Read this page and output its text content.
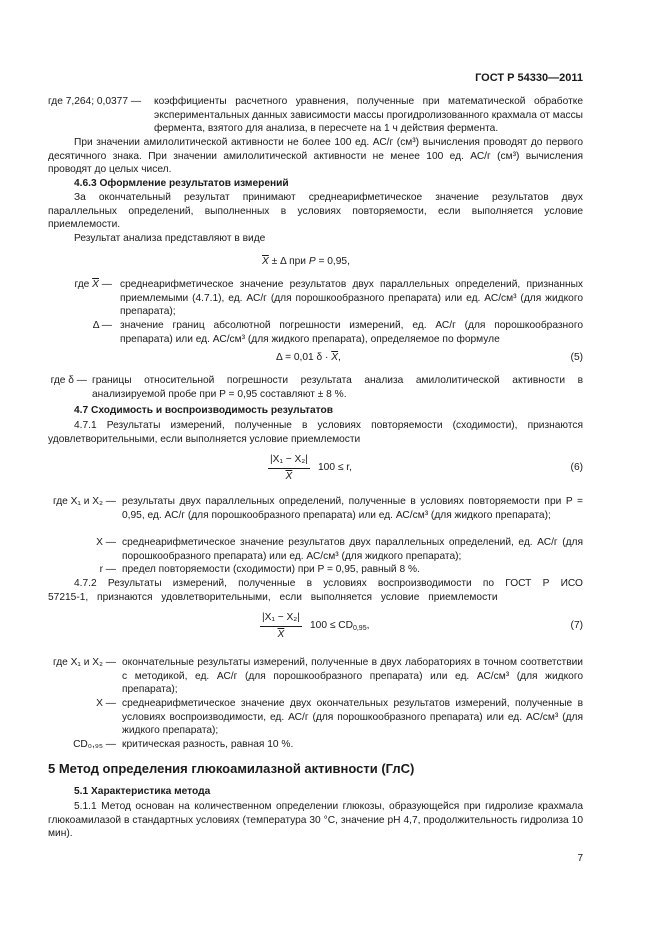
ГОСТ Р 54330—2011
где 7,264; 0,0377 — коэффициенты расчетного уравнения, полученные при математической обработке экспериментальных данных зависимости массы прогидролизованного крахмала от массы фермента, взятого для анализа, в пересчете на 1 ч действия фермента.
При значении амилолитической активности не более 100 ед. АС/г (см³) вычисления проводят до первого десятичного знака. При значении амилолитической активности не менее 100 ед. АС/г (см³) вычисления проводят до целых чисел.
4.6.3 Оформление результатов измерений
За окончательный результат принимают среднеарифметическое значение результатов двух параллельных определений, выполненных в условиях повторяемости, если выполняется условие приемлемости.
Результат анализа представляют в виде
$\overline{X} \pm \Delta$ при P = 0,95,
где $\overline{X}$ — среднеарифметическое значение результатов двух параллельных определений, признанных приемлемыми (4.7.1), ед. АС/г (для порошкообразного препарата) или ед. АС/см³ (для жидкого препарата);
Δ — значение границ абсолютной погрешности измерений, ед. АС/г (для порошкообразного препарата) или ед. АС/см³ (для жидкого препарата), определяемое по формуле
Δ = 0,01 $\delta \cdot \overline{X}$,	(5)
где δ — границы относительной погрешности результата анализа амилолитической активности в анализируемой пробе при P = 0,95 составляют ± 8 %.
4.7 Сходимость и воспроизводимость результатов
4.7.1 Результаты измерений, полученные в условиях повторяемости (сходимости), признаются удовлетворительными, если выполняется условие приемлемости
$\frac{\text{|X₁ − X₂|}}{X} 100 \le r$,	(6)
где X₁ и X₂ — результаты двух параллельных определений, полученные в условиях повторяемости при P = 0,95, ед. АС/г (для порошкообразного препарата) или ед. АС/см³ (для жидкого препарата);
X — среднеарифметическое значение результатов двух параллельных определений, ед. АС/г (для порошкообразного препарата) или ед. АС/см³ (для жидкого препарата);
r — предел повторяемости (сходимости) при P = 0,95, равный 8 %.
4.7.2 Результаты измерений, полученные в условиях воспроизводимости по ГОСТ Р ИСО 57215-1, признаются удовлетворительными, если выполняется условие приемлемости
$\frac{\text{|X₁ − X₂|}}{X} 100 \le CD_{0,95}$,	(7)
где X₁ и X₂ — окончательные результаты измерений, полученные в двух лабораториях в точном соответствии с методикой, ед. АС/г (для порошкообразного препарата) или ед. АС/см³ (для жидкого препарата);
X — среднеарифметическое значение двух окончательных результатов измерений, полученные в условиях воспроизводимости, ед. АС/г (для порошкообразного препарата) или ед. АС/см³ (для жидкого препарата);
CD₀,₉₅ — критическая разность, равная 10 %.
5 Метод определения глюкоамилазной активности (ГлС)
5.1 Характеристика метода
5.1.1 Метод основан на количественном определении глюкозы, образующейся при гидролизе крахмала глюкоамилазой в стандартных условиях (температура 30 °С, значение рН 4,7, продолжительность гидролиза 10 мин).
7
